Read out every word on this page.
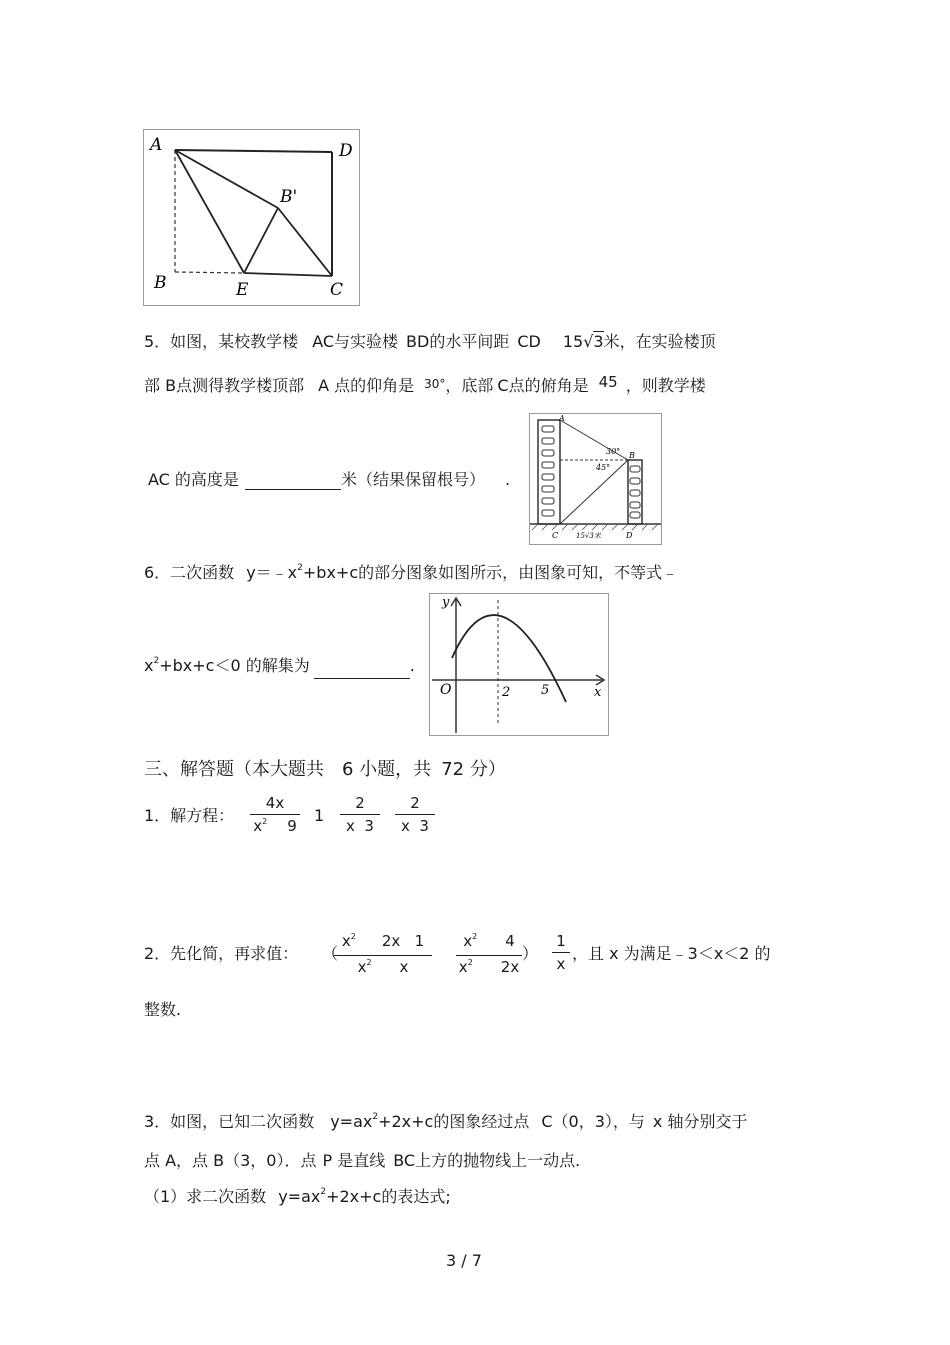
A	D
B'
B	E	C
5．如图，某校教学楼 AC与实验楼 BD的水平间距 CD 15√3米，在实验楼顶
部 B点测得教学楼顶部 A 点的仰角是 30°，底部 C点的俯角是 45 ，则教学楼
AC 的高度是	米（结果保留根号） .
A
B
30°
45°
C	15√3米	D
6．二次函数 $y=﹣x^2+bx+c$的部分图象如图所示，由图象可知，不等式﹣
$x^2+bx+c<0$ 的解集为	.
y
O	2 5	x
三、解答题（本大题共 6 小题，共 72 分）
1．解方程：
4x
$x^2$ 9
1
2
x  3
2
x  3
2．先化简，再求值： （
$x^2$ 2x   1
$x^2$ x
$x^2$ 4
$x^2$ 2x
）
1
x
，且 x 为满足﹣3＜x＜2 的
整数.
3．如图，已知二次函数 $y=ax^2+2x+c$的图象经过点 C（0，3），与 x 轴分别交于
点 A，点 B（3，0）．点 P 是直线 BC上方的抛物线上一动点.
（1）求二次函数 $y=ax^2+2x+c$的表达式;
3 / 7
